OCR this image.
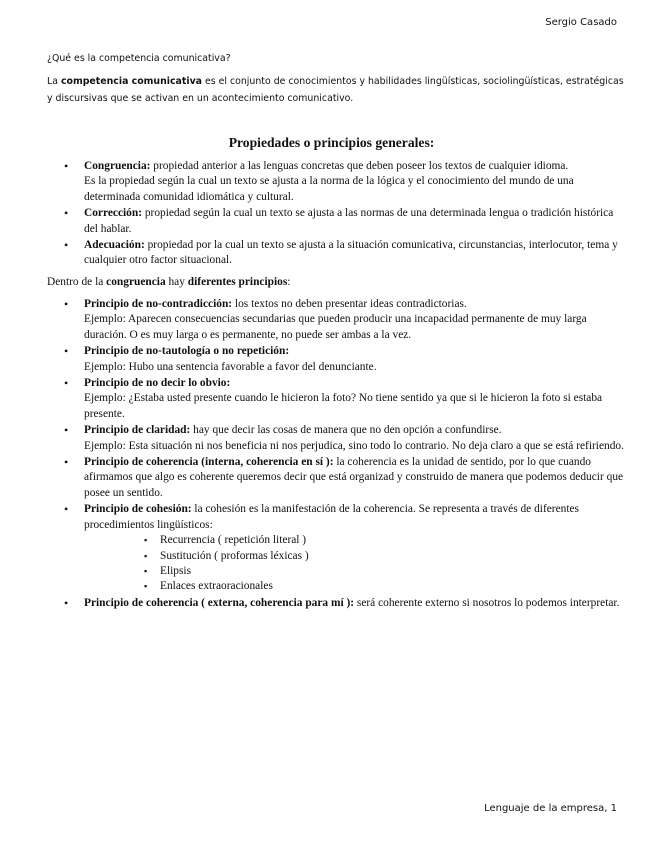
Sergio Casado
¿Qué es la competencia comunicativa?
La competencia comunicativa es el conjunto de conocimientos y habilidades lingüísticas, sociolingüísticas, estratégicas y discursivas que se activan en un acontecimiento comunicativo.
Propiedades o principios generales:
• Congruencia: propiedad anterior a las lenguas concretas que deben poseer los textos de cualquier idioma.
Es la propiedad según la cual un texto se ajusta a la norma de la lógica y el conocimiento del mundo de una determinada comunidad idiomática y cultural.
• Corrección: propiedad según la cual un texto se ajusta a las normas de una determinada lengua o tradición histórica del hablar.
• Adecuación: propiedad por la cual un texto se ajusta a la situación comunicativa, circunstancias, interlocutor, tema y cualquier otro factor situacional.
Dentro de la congruencia hay diferentes principios:
• Principio de no-contradicción: los textos no deben presentar ideas contradictorias.
Ejemplo: Aparecen consecuencias secundarias que pueden producir una incapacidad permanente de muy larga duración. O es muy larga o es permanente, no puede ser ambas a la vez.
• Principio de no-tautología o no repetición:
Ejemplo: Hubo una sentencia favorable a favor del denunciante.
• Principio de no decir lo obvio:
Ejemplo: ¿Estaba usted presente cuando le hicieron la foto? No tiene sentido ya que si le hicieron la foto si estaba presente.
• Principio de claridad: hay que decir las cosas de manera que no den opción a confundirse.
Ejemplo: Esta situación ni nos beneficia ni nos perjudica, sino todo lo contrario. No deja claro a que se está refiriendo.
• Principio de coherencia (interna, coherencia en sí ): la coherencia es la unidad de sentido, por lo que cuando afirmamos que algo es coherente queremos decir que está organizad y construido de manera que podemos deducir que posee un sentido.
• Principio de cohesión: la cohesión es la manifestación de la coherencia. Se representa a través de diferentes procedimientos lingüísticos:
▪ Recurrencia ( repetición literal )
▪ Sustitución ( proformas léxicas )
▪ Elipsis
▪ Enlaces extraoracionales
• Principio de coherencia ( externa, coherencia para mí ): será coherente externo si nosotros lo podemos interpretar.
Lenguaje de la empresa, 1
